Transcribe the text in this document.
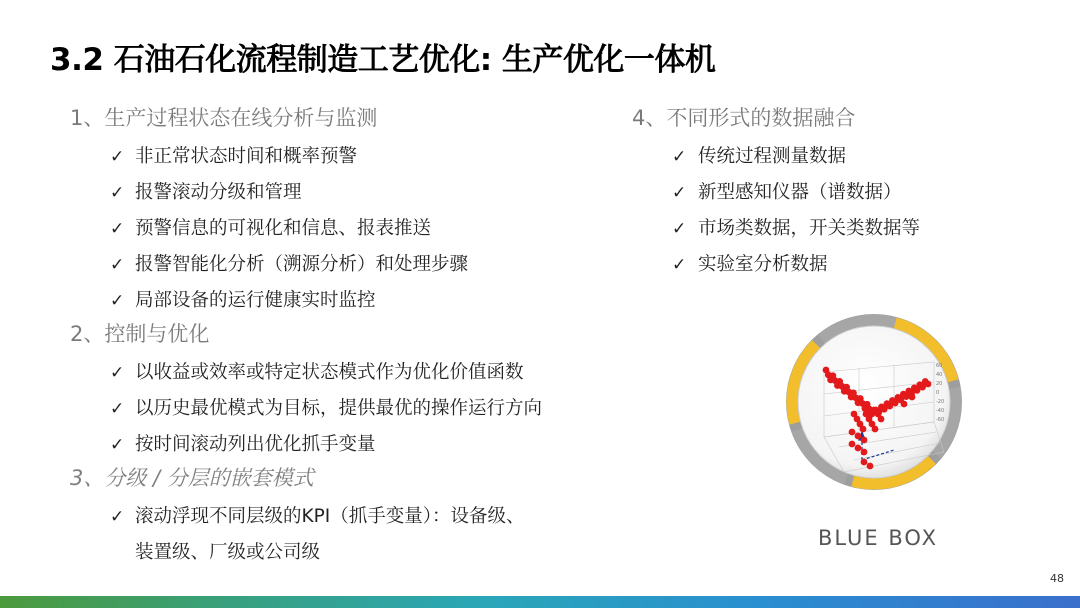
3.2 石油石化流程制造工艺优化: 生产优化一体机
1、生产过程状态在线分析与监测
✓ 非正常状态时间和概率预警
✓ 报警滚动分级和管理
✓ 预警信息的可视化和信息、报表推送
✓ 报警智能化分析（溯源分析）和处理步骤
✓ 局部设备的运行健康实时监控
2、控制与优化
✓ 以收益或效率或特定状态模式作为优化价值函数
✓ 以历史最优模式为目标，提供最优的操作运行方向
✓ 按时间滚动列出优化抓手变量
3、分级 / 分层的嵌套模式
✓ 滚动浮现不同层级的KPI（抓手变量）：设备级、
装置级、厂级或公司级
4、不同形式的数据融合
✓ 传统过程测量数据
✓ 新型感知仪器（谱数据）
✓ 市场类数据，开关类数据等
✓ 实验室分析数据
60
40
20
0
-20
-40
-60
BLUE BOX
48
